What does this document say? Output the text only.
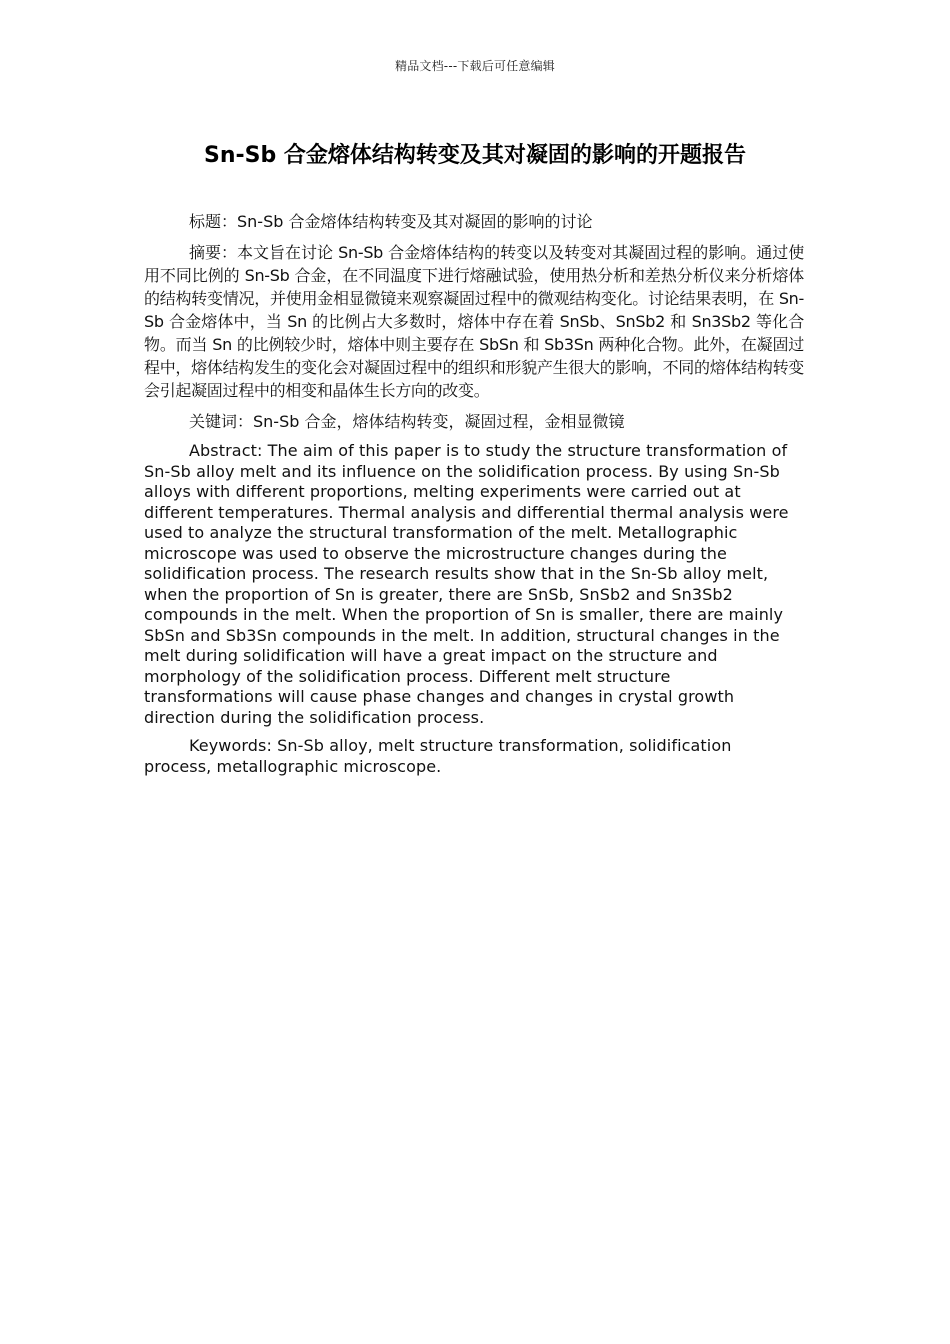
精品文档---下载后可任意编辑
Sn-Sb 合金熔体结构转变及其对凝固的影响的开题报告

标题：Sn-Sb 合金熔体结构转变及其对凝固的影响的讨论

摘要：本文旨在讨论 Sn-Sb 合金熔体结构的转变以及转变对其凝固过程的影响。通过使用不同比例的 Sn-Sb 合金，在不同温度下进行熔融试验，使用热分析和差热分析仪来分析熔体的结构转变情况，并使用金相显微镜来观察凝固过程中的微观结构变化。讨论结果表明，在 Sn-Sb 合金熔体中，当 Sn 的比例占大多数时，熔体中存在着 SnSb、SnSb2 和 Sn3Sb2 等化合物。而当 Sn 的比例较少时，熔体中则主要存在 SbSn 和 Sb3Sn 两种化合物。此外，在凝固过程中，熔体结构发生的变化会对凝固过程中的组织和形貌产生很大的影响，不同的熔体结构转变会引起凝固过程中的相变和晶体生长方向的改变。

关键词：Sn-Sb 合金，熔体结构转变，凝固过程，金相显微镜

Abstract: The aim of this paper is to study the structure transformation of Sn-Sb alloy melt and its influence on the solidification process. By using Sn-Sb alloys with different proportions, melting experiments were carried out at different temperatures. Thermal analysis and differential thermal analysis were used to analyze the structural transformation of the melt. Metallographic microscope was used to observe the microstructure changes during the solidification process. The research results show that in the Sn-Sb alloy melt, when the proportion of Sn is greater, there are SnSb, SnSb2 and Sn3Sb2 compounds in the melt. When the proportion of Sn is smaller, there are mainly SbSn and Sb3Sn compounds in the melt. In addition, structural changes in the melt during solidification will have a great impact on the structure and morphology of the solidification process. Different melt structure transformations will cause phase changes and changes in crystal growth direction during the solidification process.

Keywords: Sn-Sb alloy, melt structure transformation, solidification process, metallographic microscope.
